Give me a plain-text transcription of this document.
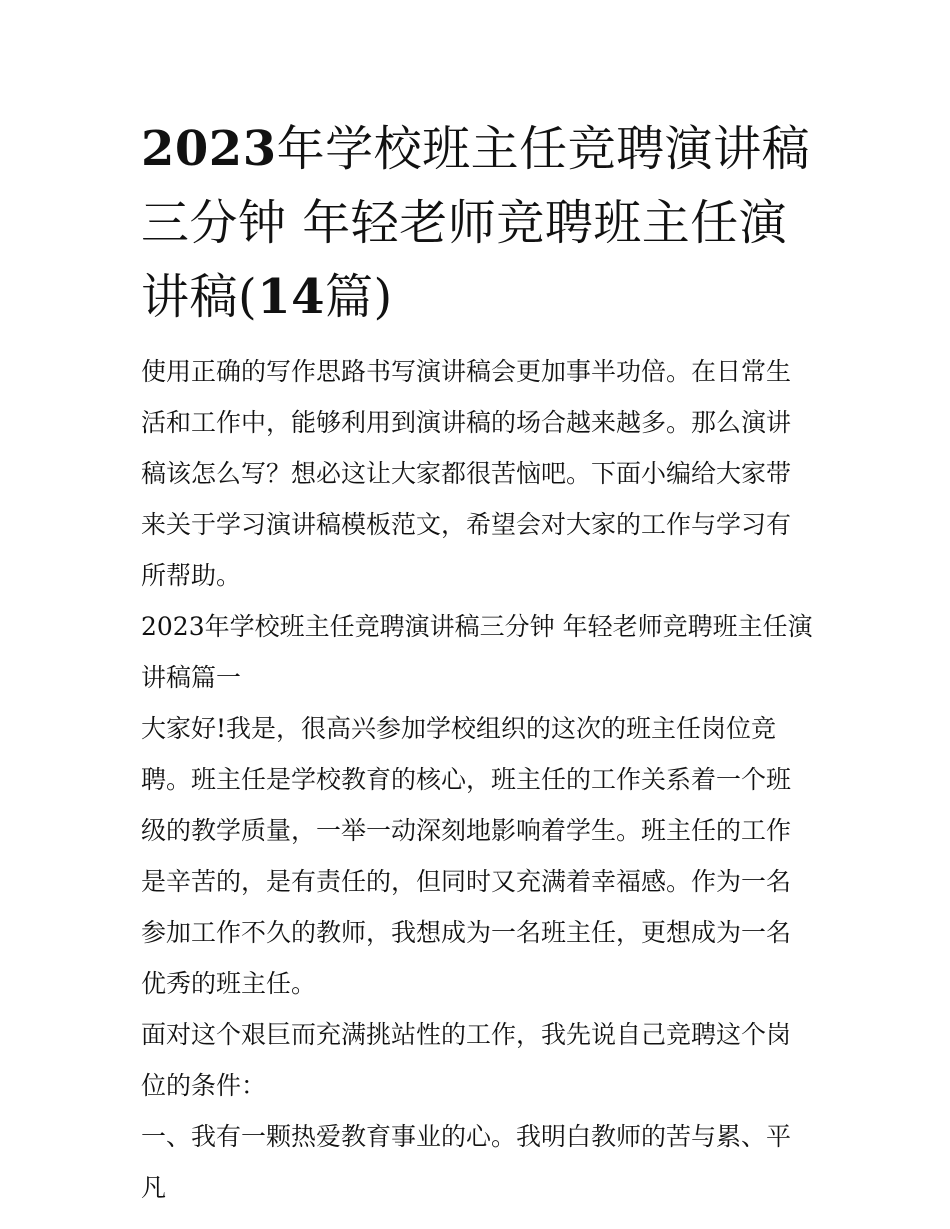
2023年学校班主任竞聘演讲稿三分钟 年轻老师竞聘班主任演讲稿(14篇)

使用正确的写作思路书写演讲稿会更加事半功倍。在日常生活和工作中，能够利用到演讲稿的场合越来越多。那么演讲稿该怎么写？想必这让大家都很苦恼吧。下面小编给大家带来关于学习演讲稿模板范文，希望会对大家的工作与学习有所帮助。

2023年学校班主任竞聘演讲稿三分钟 年轻老师竞聘班主任演讲稿篇一

大家好!我是，很高兴参加学校组织的这次的班主任岗位竞聘。班主任是学校教育的核心，班主任的工作关系着一个班级的教学质量，一举一动深刻地影响着学生。班主任的工作是辛苦的，是有责任的，但同时又充满着幸福感。作为一名参加工作不久的教师，我想成为一名班主任，更想成为一名优秀的班主任。

面对这个艰巨而充满挑站性的工作，我先说自己竞聘这个岗位的条件：

一、我有一颗热爱教育事业的心。我明白教师的苦与累、平凡
